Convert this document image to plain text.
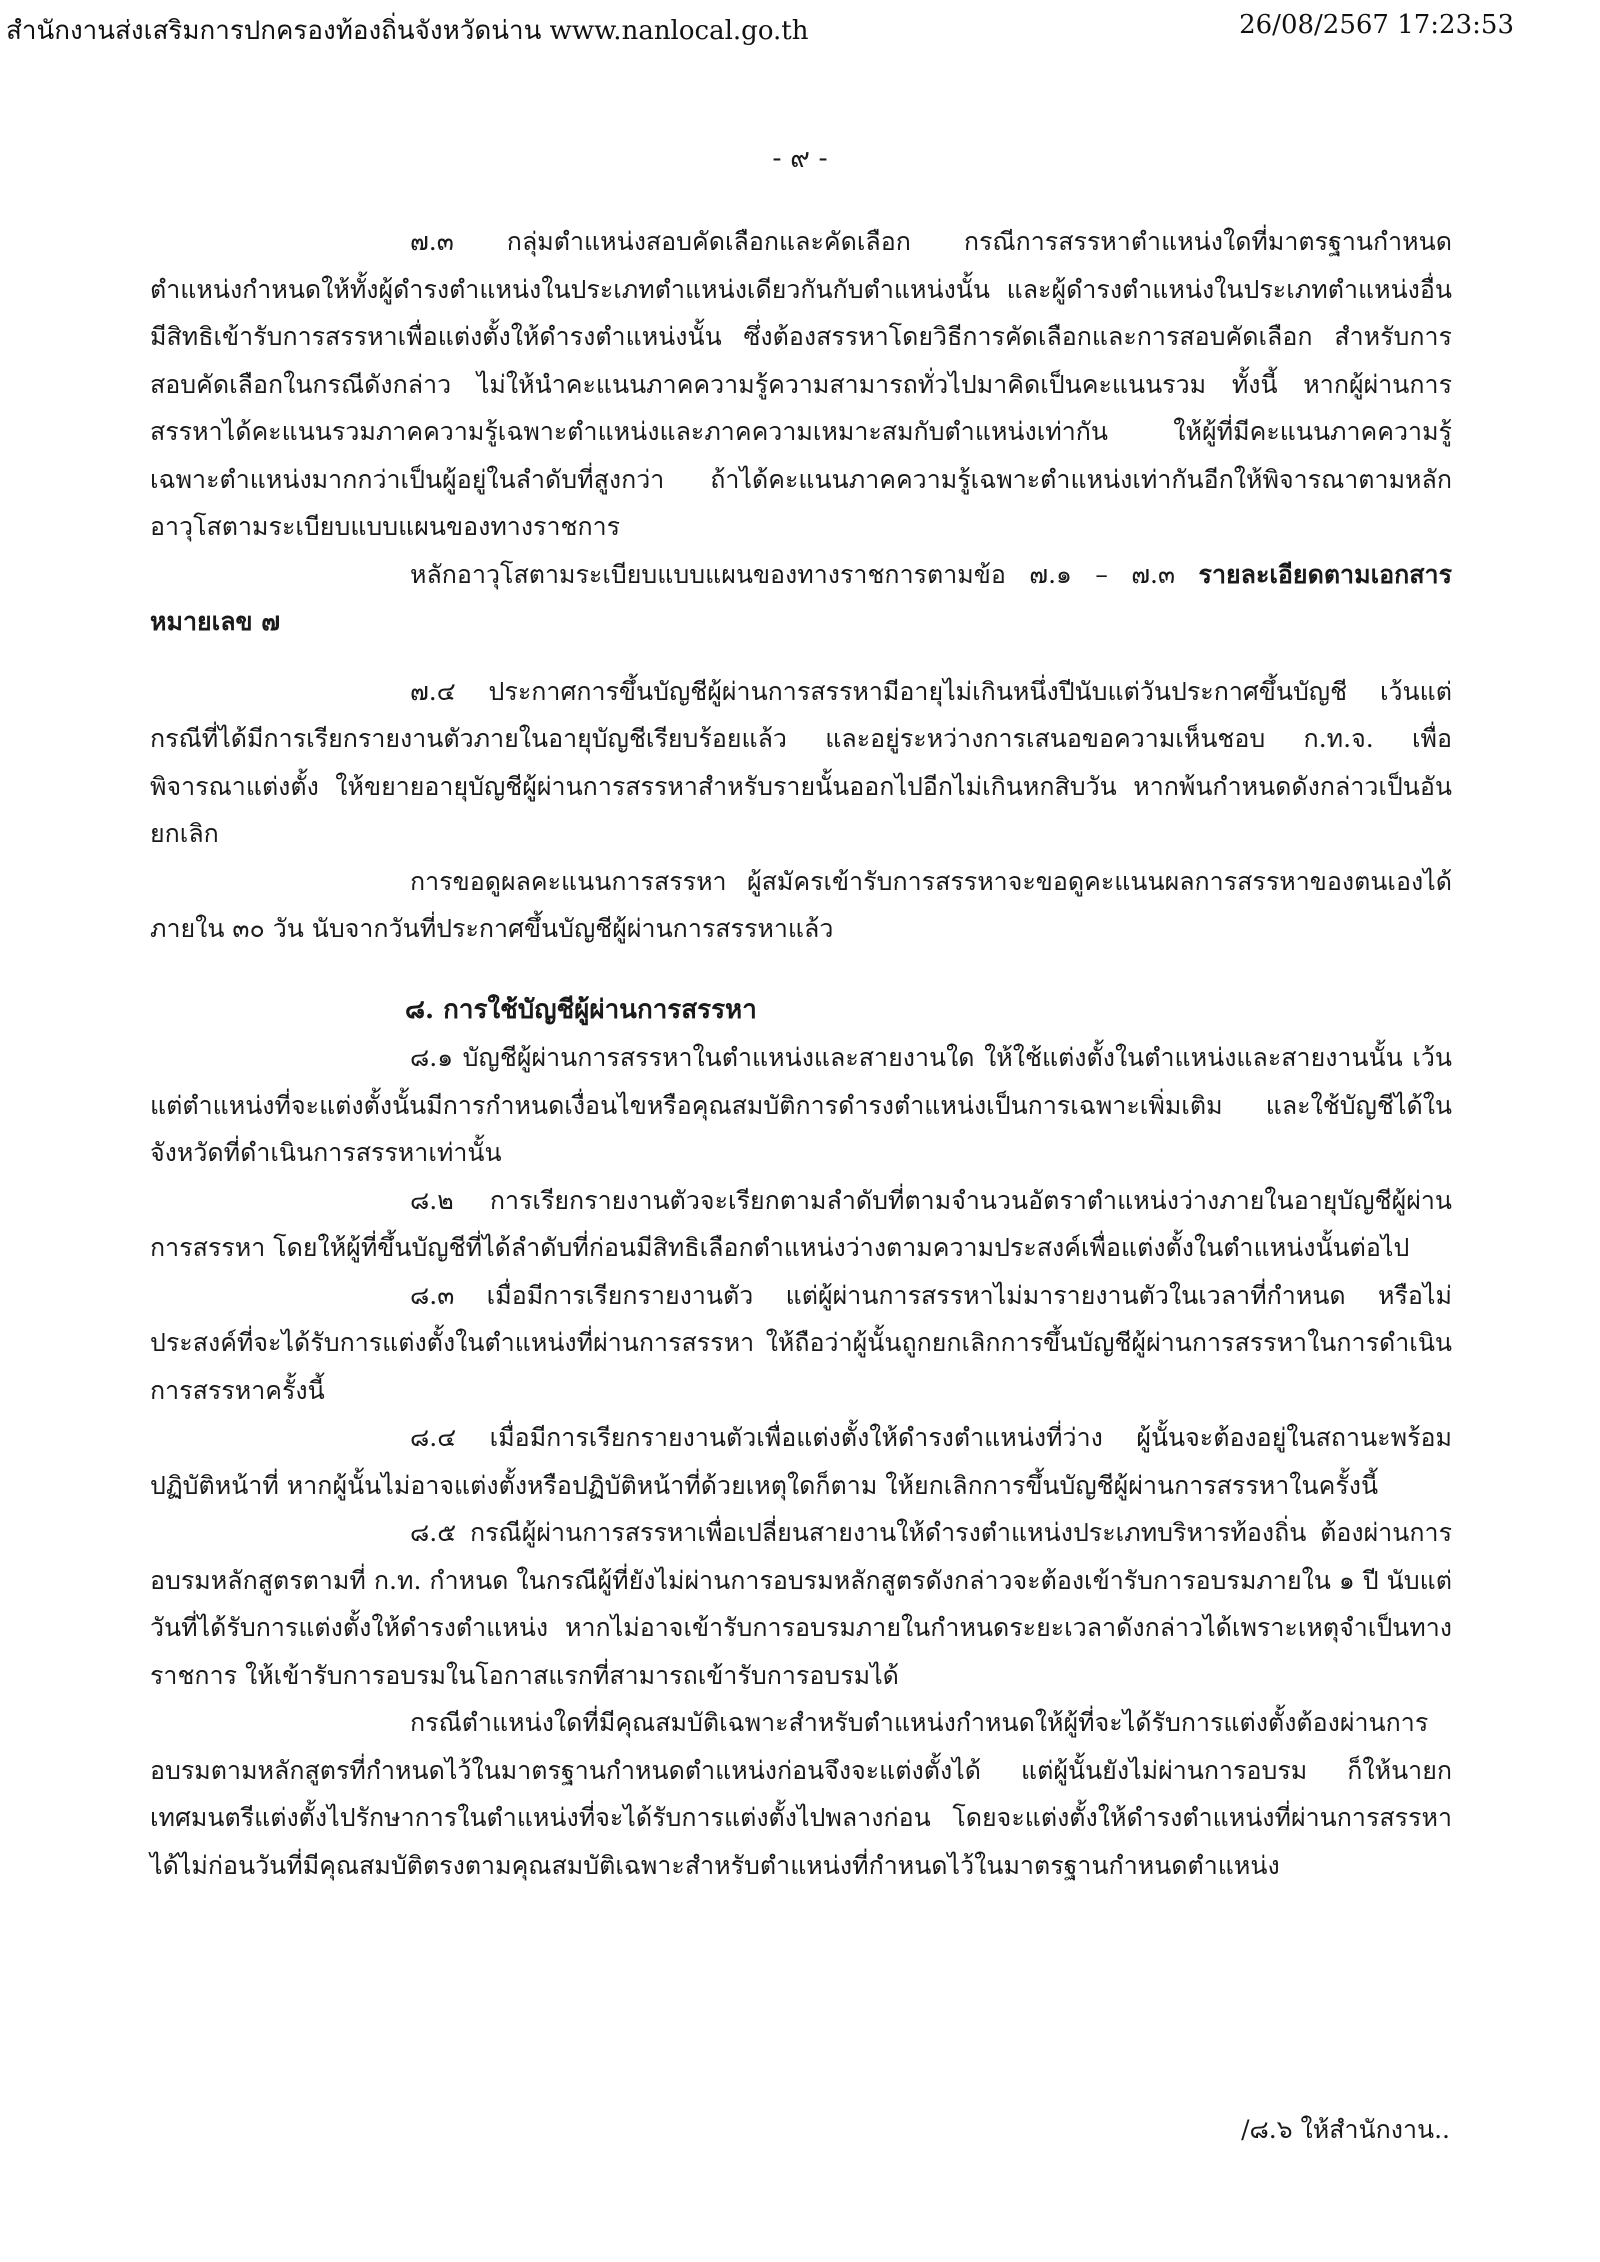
สำนักงานส่งเสริมการปกครองท้องถิ่นจังหวัดน่าน www.nanlocal.go.th	26/08/2567 17:23:53
- ๙ -

๗.๓ กลุ่มตำแหน่งสอบคัดเลือกและคัดเลือก กรณีการสรรหาตำแหน่งใดที่มาตรฐานกำหนดตำแหน่งกำหนดให้ทั้งผู้ดำรงตำแหน่งในประเภทตำแหน่งเดียวกันกับตำแหน่งนั้น และผู้ดำรงตำแหน่งในประเภทตำแหน่งอื่นมีสิทธิเข้ารับการสรรหาเพื่อแต่งตั้งให้ดำรงตำแหน่งนั้น ซึ่งต้องสรรหาโดยวิธีการคัดเลือกและการสอบคัดเลือก สำหรับการสอบคัดเลือกในกรณีดังกล่าว ไม่ให้นำคะแนนภาคความรู้ความสามารถทั่วไปมาคิดเป็นคะแนนรวม ทั้งนี้ หากผู้ผ่านการสรรหาได้คะแนนรวมภาคความรู้เฉพาะตำแหน่งและภาคความเหมาะสมกับตำแหน่งเท่ากัน ให้ผู้ที่มีคะแนนภาคความรู้เฉพาะตำแหน่งมากกว่าเป็นผู้อยู่ในลำดับที่สูงกว่า ถ้าได้คะแนนภาคความรู้เฉพาะตำแหน่งเท่ากันอีกให้พิจารณาตามหลักอาวุโสตามระเบียบแบบแผนของทางราชการ

หลักอาวุโสตามระเบียบแบบแผนของทางราชการตามข้อ ๗.๑ – ๗.๓ รายละเอียดตามเอกสารหมายเลข ๗

๗.๔ ประกาศการขึ้นบัญชีผู้ผ่านการสรรหามีอายุไม่เกินหนึ่งปีนับแต่วันประกาศขึ้นบัญชี เว้นแต่กรณีที่ได้มีการเรียกรายงานตัวภายในอายุบัญชีเรียบร้อยแล้ว และอยู่ระหว่างการเสนอขอความเห็นชอบ ก.ท.จ. เพื่อพิจารณาแต่งตั้ง ให้ขยายอายุบัญชีผู้ผ่านการสรรหาสำหรับรายนั้นออกไปอีกไม่เกินหกสิบวัน หากพ้นกำหนดดังกล่าวเป็นอันยกเลิก

การขอดูผลคะแนนการสรรหา ผู้สมัครเข้ารับการสรรหาจะขอดูคะแนนผลการสรรหาของตนเองได้ภายใน ๓๐ วัน นับจากวันที่ประกาศขึ้นบัญชีผู้ผ่านการสรรหาแล้ว

๘. การใช้บัญชีผู้ผ่านการสรรหา

๘.๑ บัญชีผู้ผ่านการสรรหาในตำแหน่งและสายงานใด ให้ใช้แต่งตั้งในตำแหน่งและสายงานนั้น เว้นแต่ตำแหน่งที่จะแต่งตั้งนั้นมีการกำหนดเงื่อนไขหรือคุณสมบัติการดำรงตำแหน่งเป็นการเฉพาะเพิ่มเติม และใช้บัญชีได้ในจังหวัดที่ดำเนินการสรรหาเท่านั้น

๘.๒ การเรียกรายงานตัวจะเรียกตามลำดับที่ตามจำนวนอัตราตำแหน่งว่างภายในอายุบัญชีผู้ผ่านการสรรหา โดยให้ผู้ที่ขึ้นบัญชีที่ได้ลำดับที่ก่อนมีสิทธิเลือกตำแหน่งว่างตามความประสงค์เพื่อแต่งตั้งในตำแหน่งนั้นต่อไป

๘.๓ เมื่อมีการเรียกรายงานตัว แต่ผู้ผ่านการสรรหาไม่มารายงานตัวในเวลาที่กำหนด หรือไม่ประสงค์ที่จะได้รับการแต่งตั้งในตำแหน่งที่ผ่านการสรรหา ให้ถือว่าผู้นั้นถูกยกเลิกการขึ้นบัญชีผู้ผ่านการสรรหาในการดำเนินการสรรหาครั้งนี้

๘.๔ เมื่อมีการเรียกรายงานตัวเพื่อแต่งตั้งให้ดำรงตำแหน่งที่ว่าง ผู้นั้นจะต้องอยู่ในสถานะพร้อมปฏิบัติหน้าที่ หากผู้นั้นไม่อาจแต่งตั้งหรือปฏิบัติหน้าที่ด้วยเหตุใดก็ตาม ให้ยกเลิกการขึ้นบัญชีผู้ผ่านการสรรหาในครั้งนี้

๘.๕ กรณีผู้ผ่านการสรรหาเพื่อเปลี่ยนสายงานให้ดำรงตำแหน่งประเภทบริหารท้องถิ่น ต้องผ่านการอบรมหลักสูตรตามที่ ก.ท. กำหนด ในกรณีผู้ที่ยังไม่ผ่านการอบรมหลักสูตรดังกล่าวจะต้องเข้ารับการอบรมภายใน ๑ ปี นับแต่วันที่ได้รับการแต่งตั้งให้ดำรงตำแหน่ง หากไม่อาจเข้ารับการอบรมภายในกำหนดระยะเวลาดังกล่าวได้เพราะเหตุจำเป็นทางราชการ ให้เข้ารับการอบรมในโอกาสแรกที่สามารถเข้ารับการอบรมได้

กรณีตำแหน่งใดที่มีคุณสมบัติเฉพาะสำหรับตำแหน่งกำหนดให้ผู้ที่จะได้รับการแต่งตั้งต้องผ่านการอบรมตามหลักสูตรที่กำหนดไว้ในมาตรฐานกำหนดตำแหน่งก่อนจึงจะแต่งตั้งได้ แต่ผู้นั้นยังไม่ผ่านการอบรม ก็ให้นายกเทศมนตรีแต่งตั้งไปรักษาการในตำแหน่งที่จะได้รับการแต่งตั้งไปพลางก่อน โดยจะแต่งตั้งให้ดำรงตำแหน่งที่ผ่านการสรรหาได้ไม่ก่อนวันที่มีคุณสมบัติตรงตามคุณสมบัติเฉพาะสำหรับตำแหน่งที่กำหนดไว้ในมาตรฐานกำหนดตำแหน่ง

/๘.๖ ให้สำนักงาน..
